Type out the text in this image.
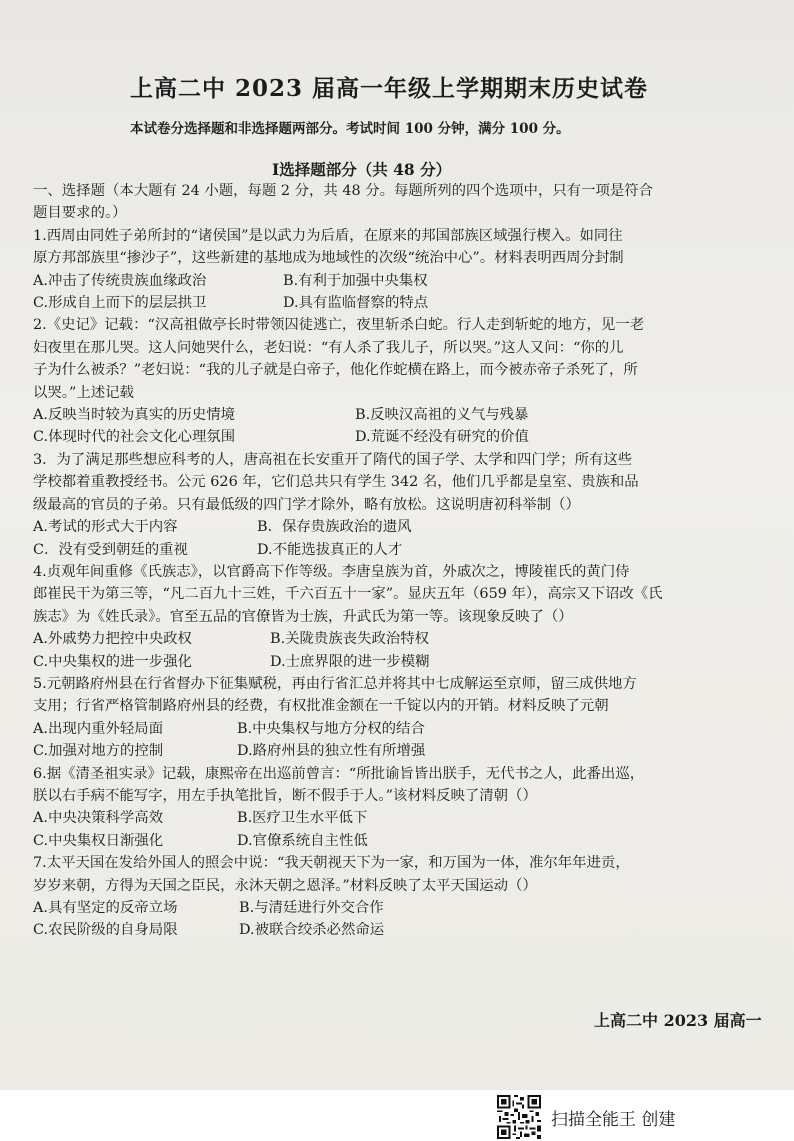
上高二中 2023 届高一年级上学期期末历史试卷
本试卷分选择题和非选择题两部分。考试时间 100 分钟，满分 100 分。
Ⅰ选择题部分（共 48 分）

一、选择题（本大题有 24 小题，每题 2 分，共 48 分。每题所列的四个选项中，只有一项是符合

题目要求的。）

1.西周由同姓子弟所封的“诸侯国”是以武力为后盾，在原来的邦国部族区域强行楔入。如同往

原方邦部族里“掺沙子”，这些新建的基地成为地域性的次级“统治中心”。材料表明西周分封制

A.冲击了传统贵族血缘政治	B.有利于加强中央集权
C.形成自上而下的层层拱卫	D.具有监临督察的特点

2.《史记》记载：“汉高祖做亭长时带领囚徒逃亡，夜里斩杀白蛇。行人走到斩蛇的地方，见一老

妇夜里在那儿哭。这人问她哭什么，老妇说：“有人杀了我儿子，所以哭。”这人又问：“你的儿

子为什么被杀？”老妇说：“我的儿子就是白帝子，他化作蛇横在路上，而今被赤帝子杀死了，所

以哭。”上述记载

A.反映当时较为真实的历史情境	B.反映汉高祖的义气与残暴
C.体现时代的社会文化心理氛围	D.荒诞不经没有研究的价值

3．为了满足那些想应科考的人，唐高祖在长安重开了隋代的国子学、太学和四门学；所有这些

学校都着重教授经书。公元 626 年，它们总共只有学生 342 名，他们几乎都是皇室、贵族和品

级最高的官员的子弟。只有最低级的四门学才除外，略有放松。这说明唐初科举制（）

A.考试的形式大于内容	B．保存贵族政治的遗风
C．没有受到朝廷的重视	D.不能选拔真正的人才

4.贞观年间重修《氏族志》，以官爵高下作等级。李唐皇族为首，外戚次之，博陵崔氏的黄门侍

郎崔民干为第三等，“凡二百九十三姓，千六百五十一家”。显庆五年（659 年），高宗又下诏改《氏

族志》为《姓氏录》。官至五品的官僚皆为士族，升武氏为第一等。该现象反映了（）

A.外戚势力把控中央政权	B.关陇贵族丧失政治特权
C.中央集权的进一步强化	D.士庶界限的进一步模糊

5.元朝路府州县在行省督办下征集赋税，再由行省汇总并将其中七成解运至京师，留三成供地方

支用；行省严格管制路府州县的经费，有权批准金额在一千锭以内的开销。材料反映了元朝

A.出现内重外轻局面	B.中央集权与地方分权的结合
C.加强对地方的控制	D.路府州县的独立性有所增强

6.据《清圣祖实录》记载，康熙帝在出巡前曾言：“所批谕旨皆出朕手，无代书之人，此番出巡，

朕以右手病不能写字，用左手执笔批旨，断不假手于人。”该材料反映了清朝（）

A.中央决策科学高效	B.医疗卫生水平低下
C.中央集权日渐强化	D.官僚系统自主性低

7.太平天国在发给外国人的照会中说：“我天朝视天下为一家，和万国为一体，准尔年年进贡，

岁岁来朝，方得为天国之臣民，永沐天朝之恩泽。”材料反映了太平天国运动（）

A.具有坚定的反帝立场	B.与清廷进行外交合作
C.农民阶级的自身局限	D.被联合绞杀必然命运
上高二中 2023 届高一
扫描全能王 创建
